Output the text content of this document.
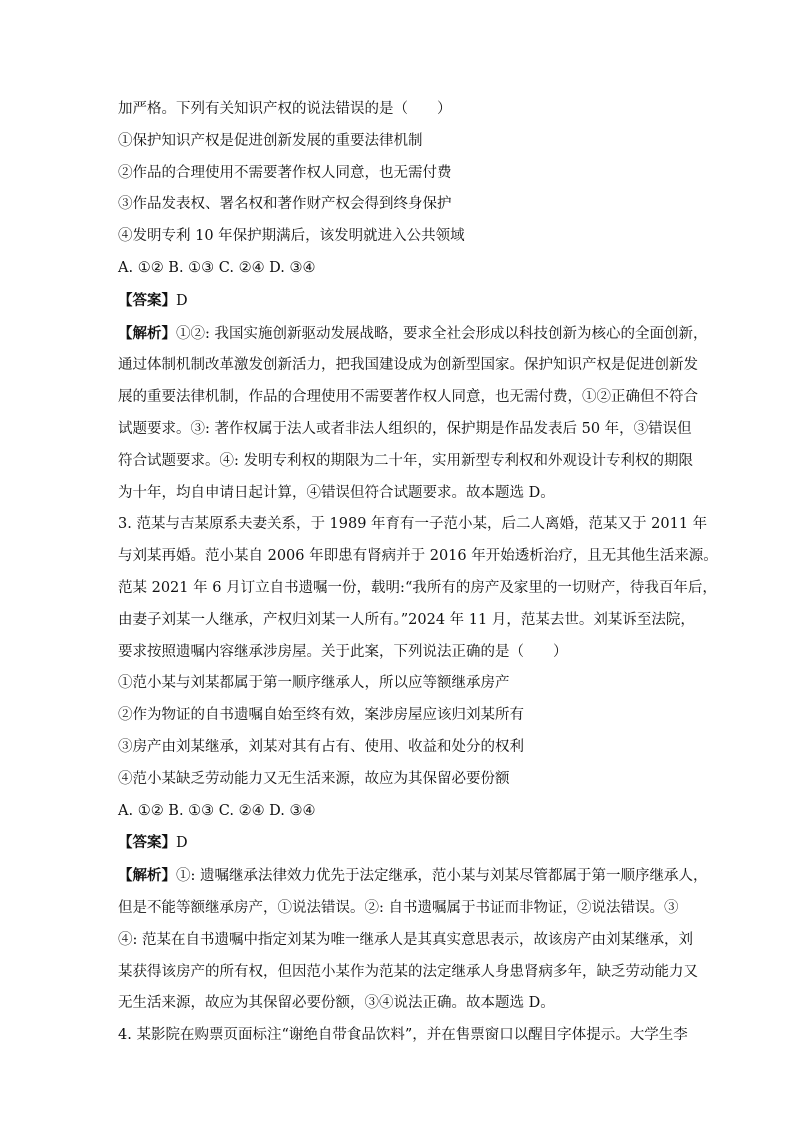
加严格。下列有关知识产权的说法错误的是（　　）
①保护知识产权是促进创新发展的重要法律机制
②作品的合理使用不需要著作权人同意，也无需付费
③作品发表权、署名权和著作财产权会得到终身保护
④发明专利 10 年保护期满后，该发明就进入公共领域
A. ①② B. ①③ C. ②④ D. ③④
【答案】D
【解析】①②: 我国实施创新驱动发展战略，要求全社会形成以科技创新为核心的全面创新，
通过体制机制改革激发创新活力，把我国建设成为创新型国家。保护知识产权是促进创新发
展的重要法律机制，作品的合理使用不需要著作权人同意，也无需付费，①②正确但不符合
试题要求。③: 著作权属于法人或者非法人组织的，保护期是作品发表后 50 年，③错误但
符合试题要求。④: 发明专利权的期限为二十年，实用新型专利权和外观设计专利权的期限
为十年，均自申请日起计算，④错误但符合试题要求。故本题选 D。
3. 范某与吉某原系夫妻关系，于 1989 年育有一子范小某，后二人离婚，范某又于 2011 年
与刘某再婚。范小某自 2006 年即患有肾病并于 2016 年开始透析治疗，且无其他生活来源。
范某 2021 年 6 月订立自书遗嘱一份，载明:“我所有的房产及家里的一切财产，待我百年后，
由妻子刘某一人继承，产权归刘某一人所有。”2024 年 11 月，范某去世。刘某诉至法院，
要求按照遗嘱内容继承涉房屋。关于此案，下列说法正确的是（　　）
①范小某与刘某都属于第一顺序继承人，所以应等额继承房产
②作为物证的自书遗嘱自始至终有效，案涉房屋应该归刘某所有
③房产由刘某继承，刘某对其有占有、使用、收益和处分的权利
④范小某缺乏劳动能力又无生活来源，故应为其保留必要份额
A. ①② B. ①③ C. ②④ D. ③④
【答案】D
【解析】①: 遗嘱继承法律效力优先于法定继承，范小某与刘某尽管都属于第一顺序继承人，
但是不能等额继承房产，①说法错误。②: 自书遗嘱属于书证而非物证，②说法错误。③
④: 范某在自书遗嘱中指定刘某为唯一继承人是其真实意思表示，故该房产由刘某继承，刘
某获得该房产的所有权，但因范小某作为范某的法定继承人身患肾病多年，缺乏劳动能力又
无生活来源，故应为其保留必要份额，③④说法正确。故本题选 D。
4. 某影院在购票页面标注“谢绝自带食品饮料”，并在售票窗口以醒目字体提示。大学生李
